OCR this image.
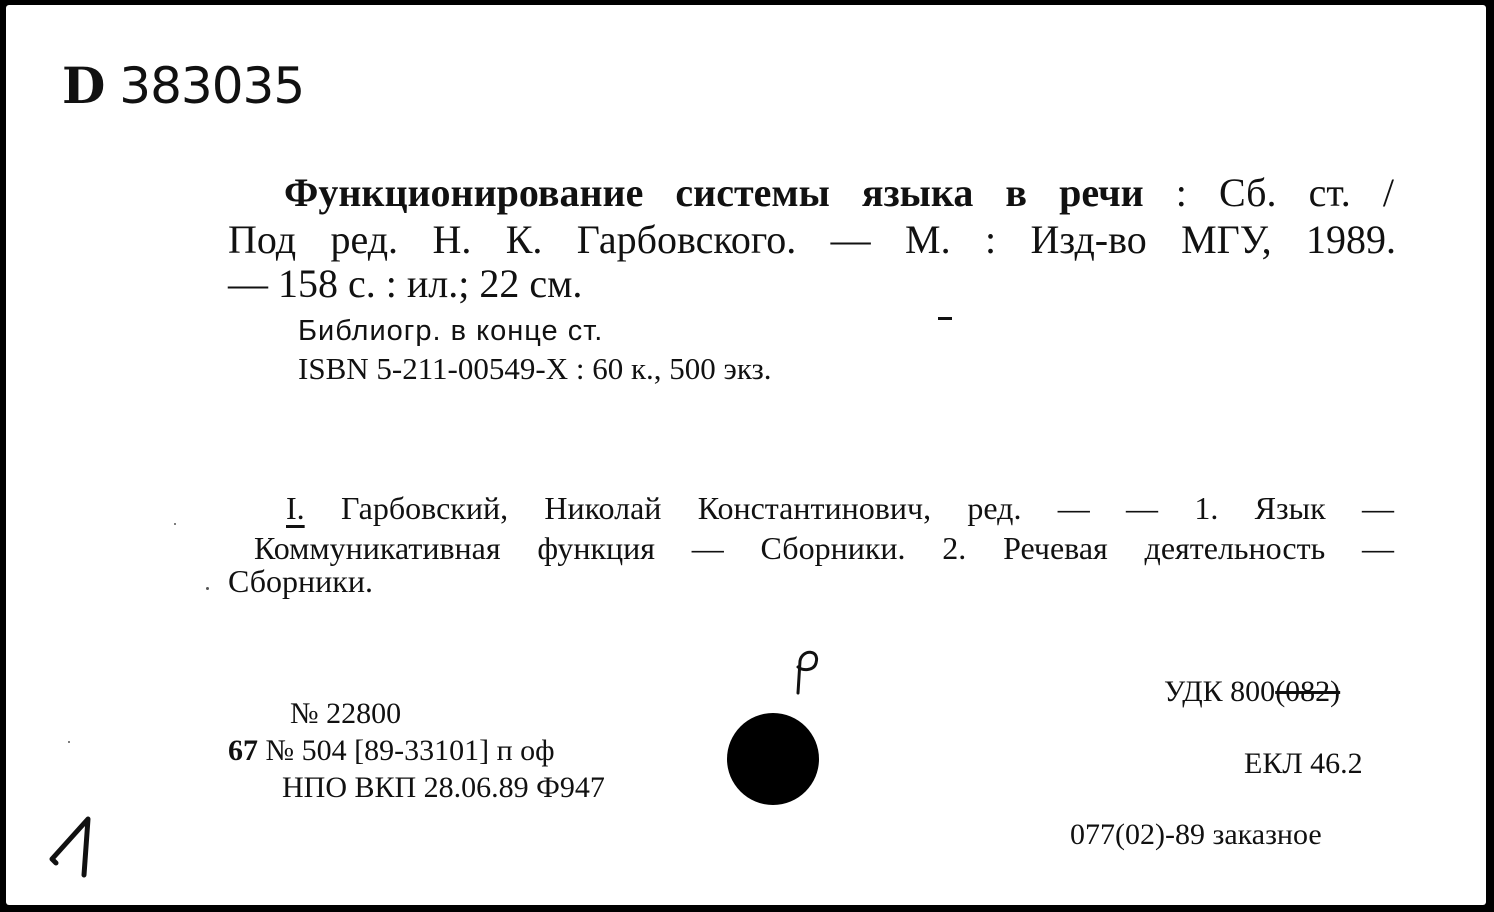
D 383035
Функционирование системы языка в речи : Сб. ст. /
Под ред. Н. К. Гарбовского. — М. : Изд-во МГУ, 1989.
— 158 с. : ил.; 22 см.
Библиогр. в конце ст.
ISBN 5-211-00549-X : 60 к., 500 экз.
I. Гарбовский, Николай Константинович, ред. — — 1. Язык —
Коммуникативная функция — Сборники. 2. Речевая деятельность —
Сборники.
№ 22800
67 № 504 [89-33101] п оф
НПО ВКП 28.06.89 Ф947
УДК 800(082)
ЕКЛ 46.2
077(02)-89 заказное
